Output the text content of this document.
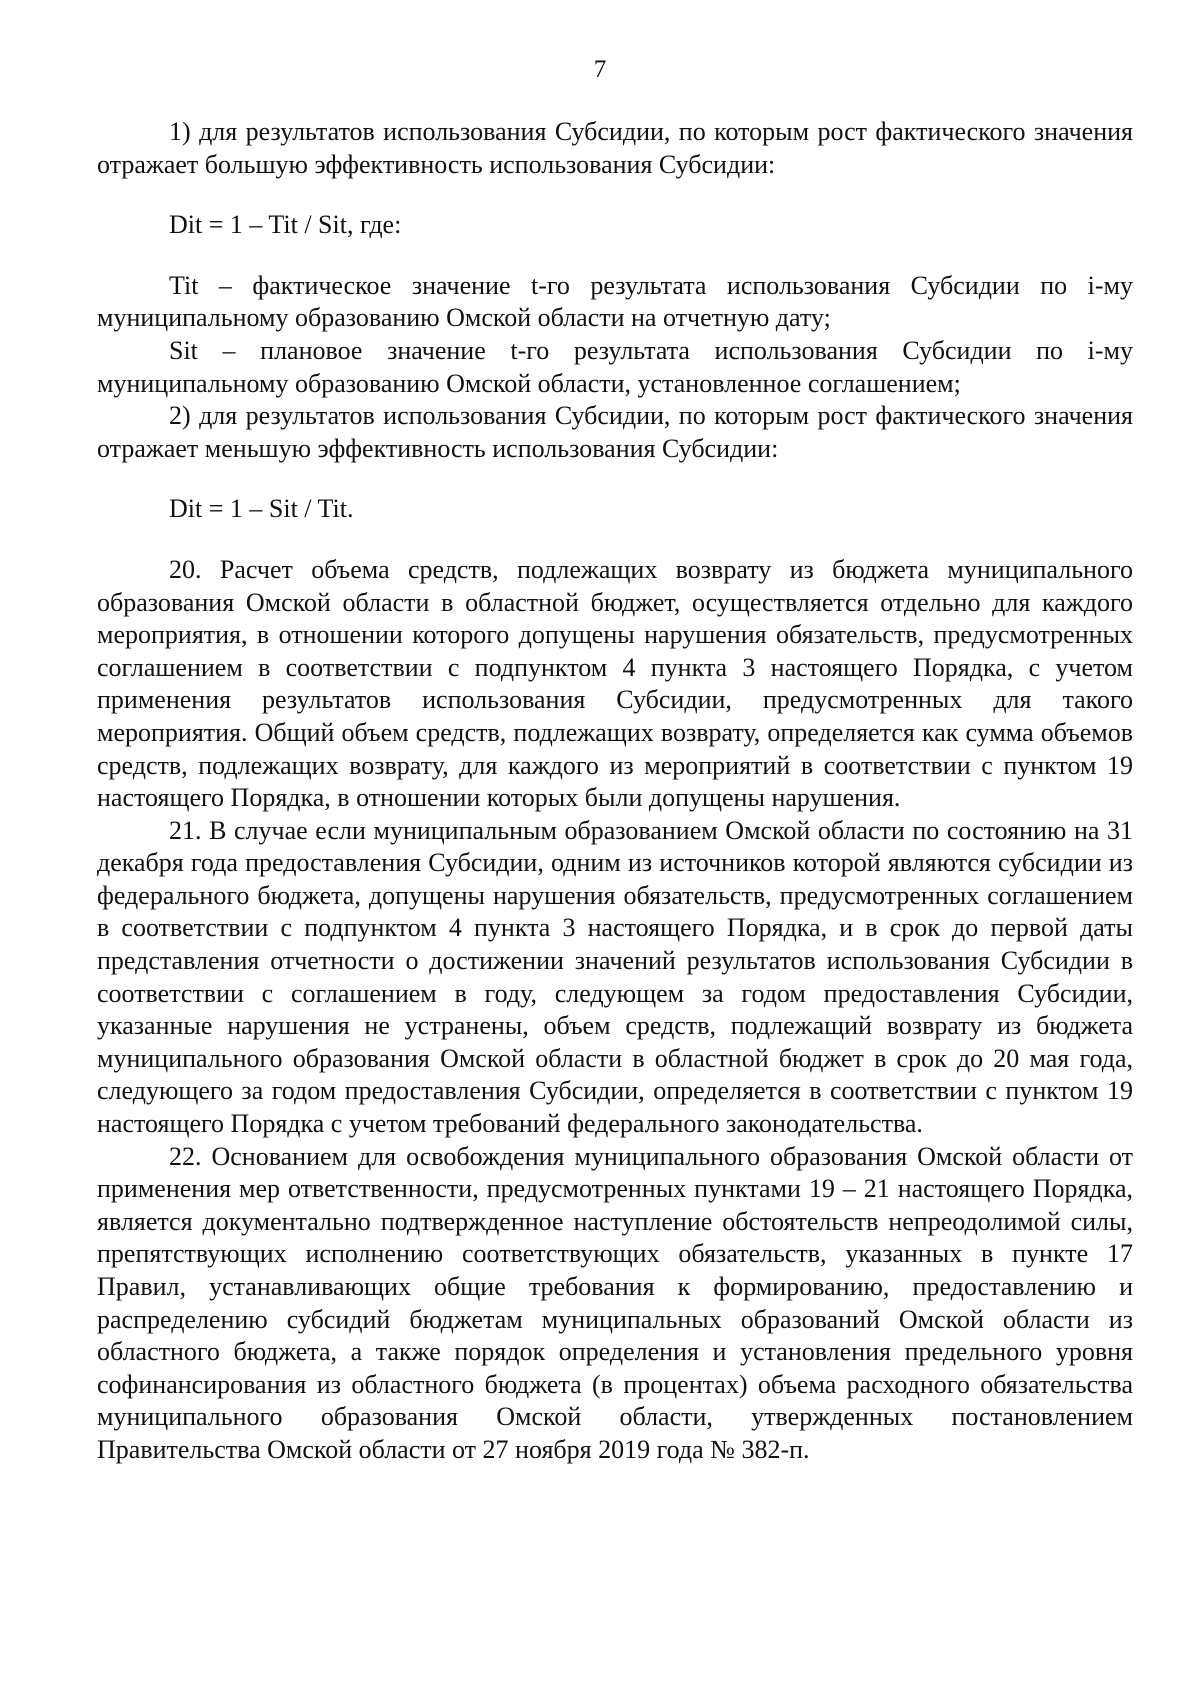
7

1) для результатов использования Субсидии, по которым рост фактического значения отражает большую эффективность использования Субсидии:

Dit = 1 – Tit / Sit, где:

Tit – фактическое значение t-го результата использования Субсидии по i-му муниципальному образованию Омской области на отчетную дату;

Sit – плановое значение t-го результата использования Субсидии по i-му муниципальному образованию Омской области, установленное соглашением;

2) для результатов использования Субсидии, по которым рост фактического значения отражает меньшую эффективность использования Субсидии:

Dit = 1 – Sit / Tit.

20. Расчет объема средств, подлежащих возврату из бюджета муниципального образования Омской области в областной бюджет, осуществляется отдельно для каждого мероприятия, в отношении которого допущены нарушения обязательств, предусмотренных соглашением в соответствии с подпунктом 4 пункта 3 настоящего Порядка, с учетом применения результатов использования Субсидии, предусмотренных для такого мероприятия. Общий объем средств, подлежащих возврату, определяется как сумма объемов средств, подлежащих возврату, для каждого из мероприятий в соответствии с пунктом 19 настоящего Порядка, в отношении которых были допущены нарушения.

21. В случае если муниципальным образованием Омской области по состоянию на 31 декабря года предоставления Субсидии, одним из источников которой являются субсидии из федерального бюджета, допущены нарушения обязательств, предусмотренных соглашением в соответствии с подпунктом 4 пункта 3 настоящего Порядка, и в срок до первой даты представления отчетности о достижении значений результатов использования Субсидии в соответствии с соглашением в году, следующем за годом предоставления Субсидии, указанные нарушения не устранены, объем средств, подлежащий возврату из бюджета муниципального образования Омской области в областной бюджет в срок до 20 мая года, следующего за годом предоставления Субсидии, определяется в соответствии с пунктом 19 настоящего Порядка с учетом требований федерального законодательства.

22. Основанием для освобождения муниципального образования Омской области от применения мер ответственности, предусмотренных пунктами 19 – 21 настоящего Порядка, является документально подтвержденное наступление обстоятельств непреодолимой силы, препятствующих исполнению соответствующих обязательств, указанных в пункте 17 Правил, устанавливающих общие требования к формированию, предоставлению и распределению субсидий бюджетам муниципальных образований Омской области из областного бюджета, а также порядок определения и установления предельного уровня софинансирования из областного бюджета (в процентах) объема расходного обязательства муниципального образования Омской области, утвержденных постановлением Правительства Омской области от 27 ноября 2019 года № 382-п.
